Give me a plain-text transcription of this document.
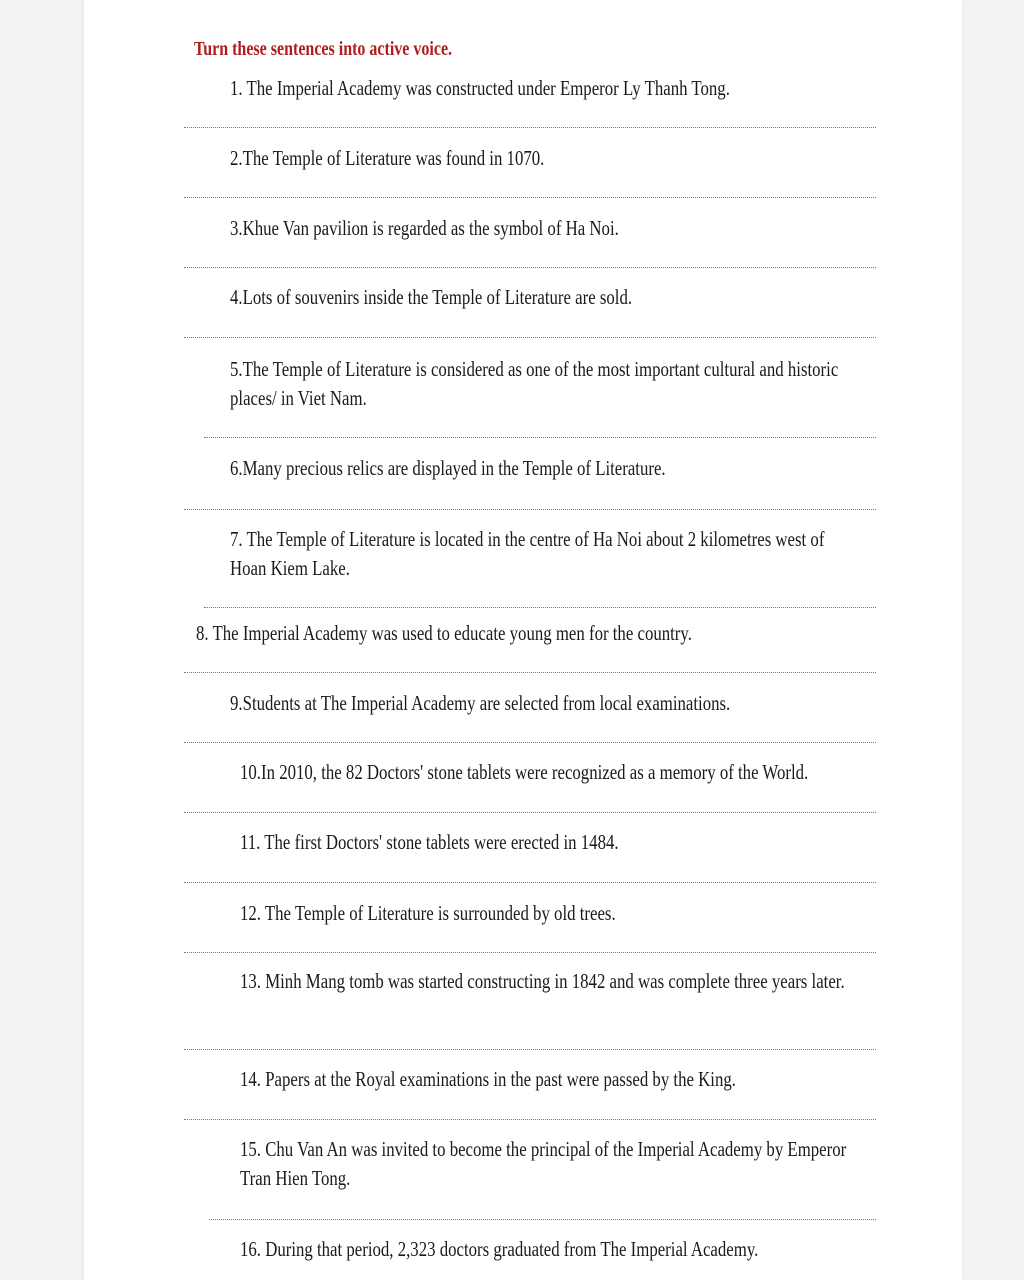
Turn these sentences into active voice.
1. The Imperial Academy was constructed under Emperor Ly Thanh Tong.
2.The Temple of Literature was found in 1070.
3.Khue Van pavilion is regarded as the symbol of Ha Noi.
4.Lots of souvenirs inside the Temple of Literature are sold.
5.The Temple of Literature is considered as one of the most important cultural and historic places/ in Viet Nam.
6.Many precious relics are displayed in the Temple of Literature.
7. The Temple of Literature is located in the centre of Ha Noi about 2 kilometres west of Hoan Kiem Lake.
8. The Imperial Academy was used to educate young men for the country.
9.Students at The Imperial Academy are selected from local examinations.
10.In 2010, the 82 Doctors' stone tablets were recognized as a memory of the World.
11. The first Doctors' stone tablets were erected in 1484.
12. The Temple of Literature is surrounded by old trees.
13. Minh Mang tomb was started constructing in 1842 and was complete three years later.
14. Papers at the Royal examinations in the past were passed by the King.
15. Chu Van An was invited to become the principal of the Imperial Academy by Emperor Tran Hien Tong.
16. During that period, 2,323 doctors graduated from The Imperial Academy.
